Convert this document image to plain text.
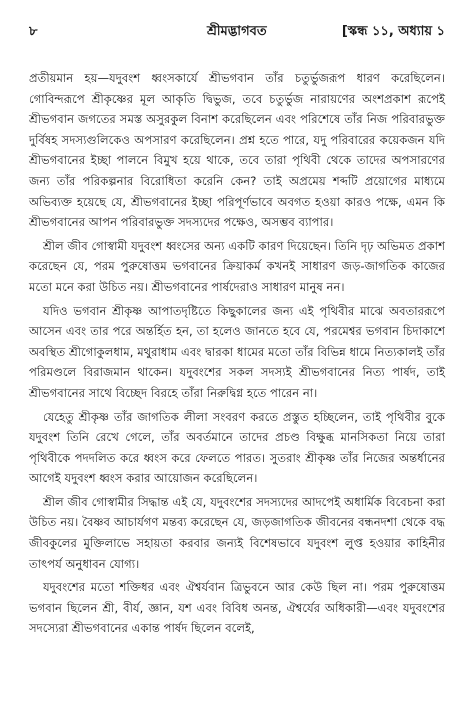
৮	শ্রীমদ্ভাগবত	[স্কন্ধ ১১, অধ্যায় ১

প্রতীয়মান হয়—যদুবংশ ধ্বংসকার্যে শ্রীভগবান তাঁর চতুর্ভুজরূপ ধারণ করেছিলেন। গোবিন্দরূপে শ্রীকৃষ্ণের মূল আকৃতি দ্বিভুজ, তবে চতুর্ভুজ নারায়ণের অংশপ্রকাশ রূপেই শ্রীভগবান জগতের সমস্ত অসুরকুল বিনাশ করেছিলেন এবং পরিশেষে তাঁর নিজ পরিবারভুক্ত দুর্বিষহ সদস্যগুলিকেও অপসারণ করেছিলেন। প্রশ্ন হতে পারে, যদু পরিবারের কয়েকজন যদি শ্রীভগবানের ইচ্ছা পালনে বিমুখ হয়ে থাকে, তবে তারা পৃথিবী থেকে তাদের অপসারণের জন্য তাঁর পরিকল্পনার বিরোধিতা করেনি কেন? তাই অপ্রমেয় শব্দটি প্রয়োগের মাধ্যমে অভিব্যক্ত হয়েছে যে, শ্রীভগবানের ইচ্ছা পরিপূর্ণভাবে অবগত হওয়া কারও পক্ষে, এমন কি শ্রীভগবানের আপন পরিবারভুক্ত সদস্যদের পক্ষেও, অসম্ভব ব্যাপার।

শ্রীল জীব গোস্বামী যদুবংশ ধ্বংসের অন্য একটি কারণ দিয়েছেন। তিনি দৃঢ় অভিমত প্রকাশ করেছেন যে, পরম পুরুষোত্তম ভগবানের ক্রিয়াকর্ম কখনই সাধারণ জড়-জাগতিক কাজের মতো মনে করা উচিত নয়। শ্রীভগবানের পার্ষদেরাও সাধারণ মানুষ নন।

যদিও ভগবান শ্রীকৃষ্ণ আপাতদৃষ্টিতে কিছুকালের জন্য এই পৃথিবীর মাঝে অবতাররূপে আসেন এবং তার পরে অন্তর্হিত হন, তা হলেও জানতে হবে যে, পরমেশ্বর ভগবান চিদাকাশে অবস্থিত শ্রীগোকুলধাম, মথুরাধাম এবং দ্বারকা ধামের মতো তাঁর বিভিন্ন ধামে নিত্যকালই তাঁর পরিমণ্ডলে বিরাজমান থাকেন। যদুবংশের সকল সদস্যই শ্রীভগবানের নিত্য পার্ষদ, তাই শ্রীভগবানের সাথে বিচ্ছেদ বিরহে তাঁরা নিরুদ্বিগ্ন হতে পারেন না।

যেহেতু শ্রীকৃষ্ণ তাঁর জাগতিক লীলা সংবরণ করতে প্রস্তুত হচ্ছিলেন, তাই পৃথিবীর বুকে যদুবংশ তিনি রেখে গেলে, তাঁর অবর্তমানে তাদের প্রচণ্ড বিক্ষুব্ধ মানসিকতা নিয়ে তারা পৃথিবীকে পদদলিত করে ধ্বংস করে ফেলতে পারত। সুতরাং শ্রীকৃষ্ণ তাঁর নিজের অন্তর্ধানের আগেই যদুবংশ ধ্বংস করার আয়োজন করেছিলেন।

শ্রীল জীব গোস্বামীর সিদ্ধান্ত এই যে, যদুবংশের সদস্যদের আদপেই অধার্মিক বিবেচনা করা উচিত নয়। বৈষ্ণব আচার্যগণ মন্তব্য করেছেন যে, জড়জাগতিক জীবনের বন্ধনদশা থেকে বদ্ধ জীবকুলের মুক্তিলাভে সহায়তা করবার জন্যই বিশেষভাবে যদুবংশ লুপ্ত হওয়ার কাহিনীর তাৎপর্য অনুধাবন যোগ্য।

যদুবংশের মতো শক্তিধর এবং ঐশ্বর্যবান ত্রিভুবনে আর কেউ ছিল না। পরম পুরুষোত্তম ভগবান ছিলেন শ্রী, বীর্য, জ্ঞান, যশ এবং বিবিধ অনন্ত, ঐশ্বর্যের অধিকারী—এবং যদুবংশের সদস্যেরা শ্রীভগবানের একান্ত পার্ষদ ছিলেন বলেই,
